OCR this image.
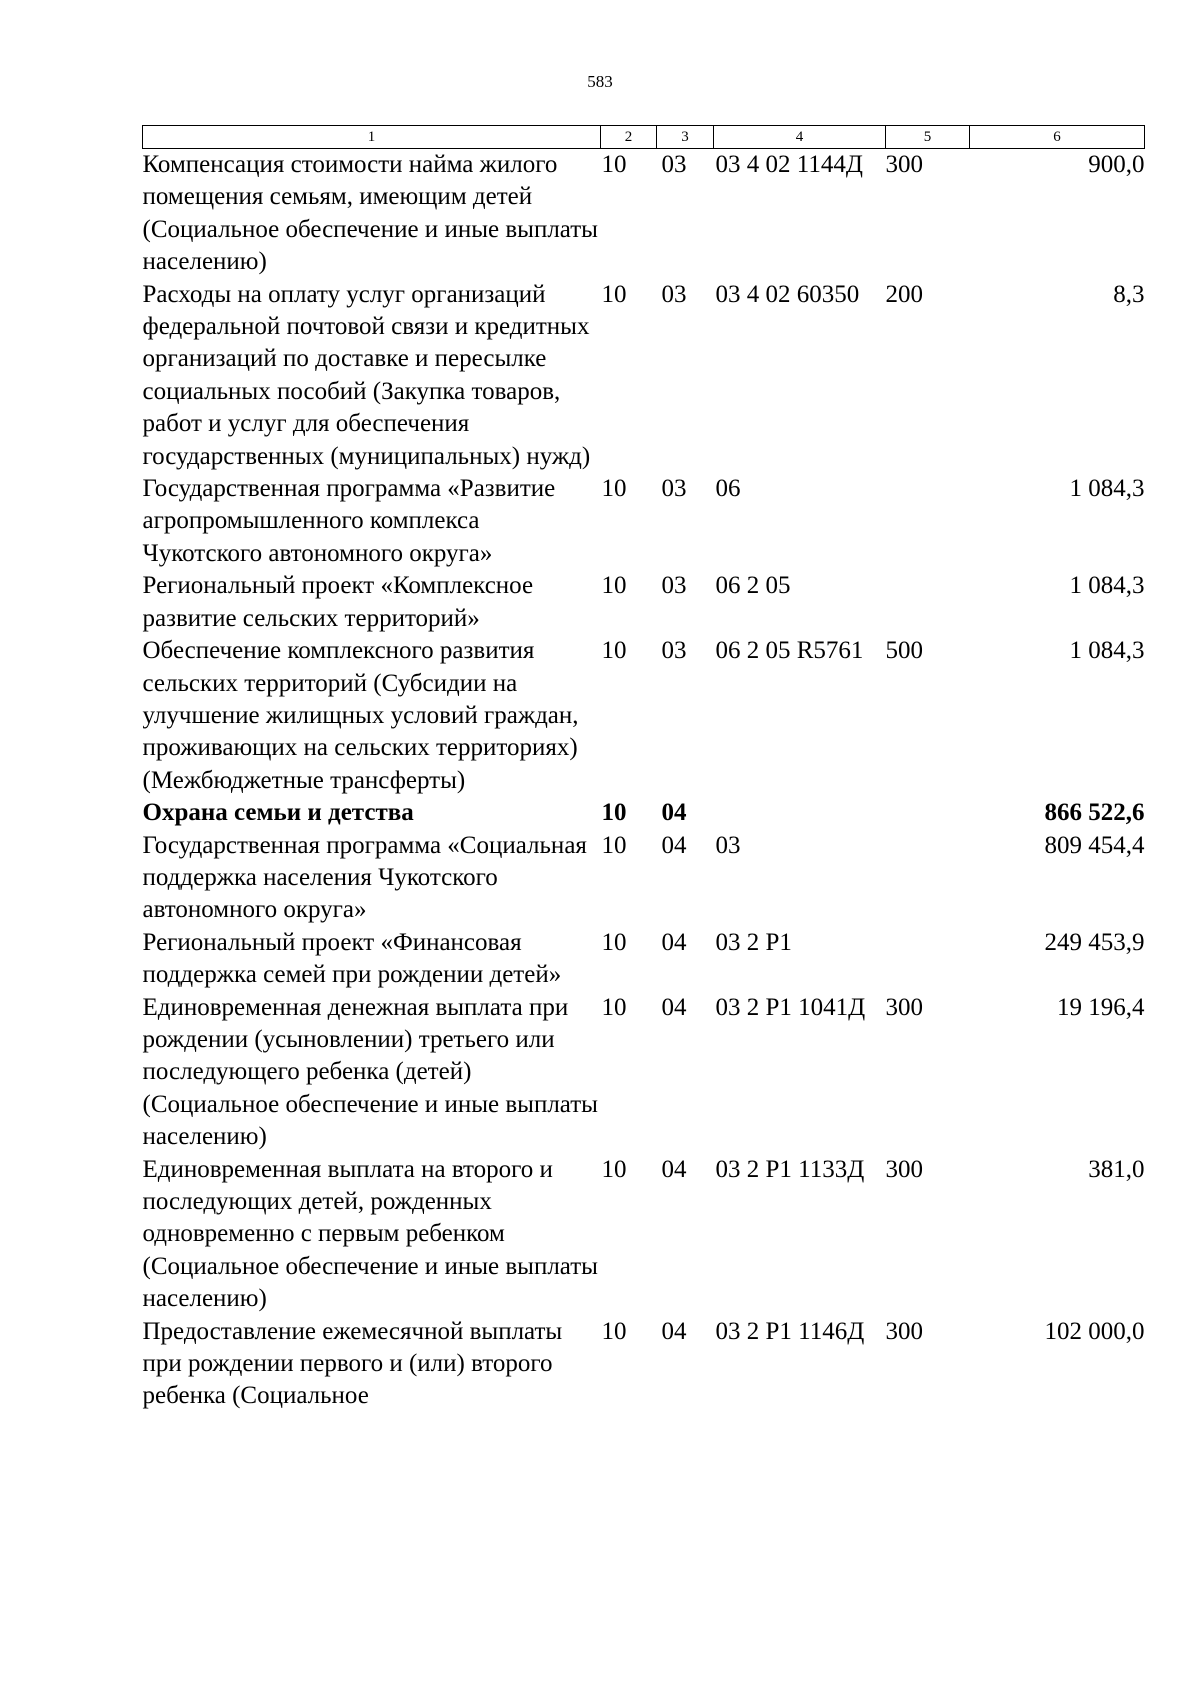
583
1	2	3	4	5	6
Компенсация стоимости найма жилого помещения семьям, имеющим детей (Социальное обеспечение и иные выплаты населению)	10	03	03 4 02 1144Д	300	900,0
Расходы на оплату услуг организаций федеральной почтовой связи и кредитных организаций по доставке и пересылке социальных пособий (Закупка товаров, работ и услуг для обеспечения государственных (муниципальных) нужд)	10	03	03 4 02 60350	200	8,3
Государственная программа «Развитие агропромышленного комплекса Чукотского автономного округа»	10	03	06		1 084,3
Региональный проект «Комплексное развитие сельских территорий»	10	03	06 2 05		1 084,3
Обеспечение комплексного развития сельских территорий (Субсидии на улучшение жилищных условий граждан, проживающих на сельских территориях) (Межбюджетные трансферты)	10	03	06 2 05 R5761	500	1 084,3
Охрана семьи и детства	10	04			866 522,6
Государственная программа «Социальная поддержка населения Чукотского автономного округа»	10	04	03		809 454,4
Региональный проект «Финансовая поддержка семей при рождении детей»	10	04	03 2 P1		249 453,9
Единовременная денежная выплата при рождении (усыновлении) третьего или последующего ребенка (детей) (Социальное обеспечение и иные выплаты населению)	10	04	03 2 P1 1041Д	300	19 196,4
Единовременная выплата на второго и последующих детей, рожденных одновременно с первым ребенком (Социальное обеспечение и иные выплаты населению)	10	04	03 2 P1 1133Д	300	381,0
Предоставление ежемесячной выплаты при рождении первого и (или) второго ребенка (Социальное	10	04	03 2 P1 1146Д	300	102 000,0
